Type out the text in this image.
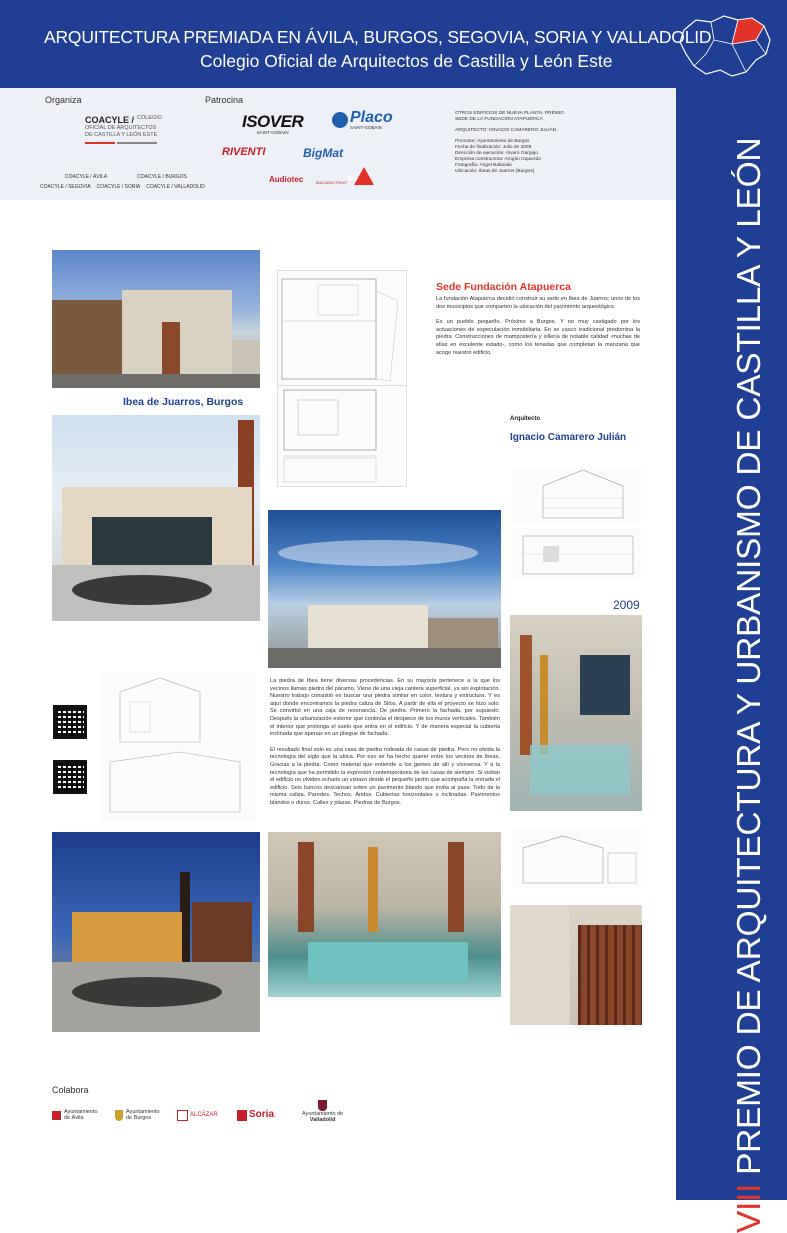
ARQUITECTURA PREMIADA EN ÁVILA, BURGOS, SEGOVIA, SORIA Y VALLADOLID
Colegio Oficial de Arquitectos de Castilla y León Este
VIII PREMIO DE ARQUITECTURA Y URBANISMO DE CASTILLA Y LEÓN
Organiza	Patrocina
COACYLE / COLEGIO
OFICIAL DE ARQUITECTOS
DE CASTILLA Y LEÓN ESTE
COACYLE / ÁVILA	COACYLE / BURGOS
COACYLE / SEGOVIA COACYLE / SORIA COACYLE / VALLADOLID
ISOVER
SAINT-GOBAIN
Placo
SAINT-GOBAIN
RIVENTI	BigMat
Audiotec	BUILDING TRUST
Sika
OTROS EDIFICIOS DE NUEVA PLANTA. PREMIO
SEDE DE LA FUNDACIÓN ATAPUERCA
ARQUITECTO: IGNACIO CAMARERO JULIÁN
Promotor: Ayuntamiento de Burgos
Fecha de finalización: Julio de 2009
Dirección de ejecución: Álvaro Gargajo
Empresa constructora: Arogán Izquierdo
Fotografía: Ángel Baltanás
Ubicación: Ibeas de Juarros (Burgos)
Ibea de Juarros, Burgos
Sede Fundación Atapuerca
La fundación Atapuerca decidió construir su sede en Ibea de Juarros; unos de los dos municipios que comparten la ubicación del yacimiento arqueológico.
Es un pueblo pequeño. Próximo a Burgos. Y no muy castigado por los actuaciones de especulación inmobiliaria. En se casco tradicional predomina la piedra. Construcciones de mampostería y sillería de notable calidad -muchas de ellas en excelente estado-, como los tenadas que completan la manzana que acoge nuestro edificio.
Arquitecto
Ignacio Camarero Julián
2009
La piedra de Ibea tiene diversas procedencias. En su mayoría pertenece a la que los vecinos llamas piedra del páramo. Viene de una vieja cantera superficial, ya sin explotación. Nuestro trabajo consistió en buscar una piedra similar en color, textura y estructura. Y es aquí donde encontramos la piedra caliza de Silos. A partir de ella el proyecto se hizo solo. Se convirtió en una caja de resonancia. De piedra. Primero la fachada, por supuesto. Después la urbanización exterior que continúa el despiece de los muros verticales. También el interior que prolonga el suelo que entra en el edificio. Y de manera especial la cubierta inclinada que apenas en un pliegue de fachada.
El resultado final solo es una casa de piedra rodeada de casas de piedra. Pero no olvida la tecnología del siglo que la ubica. Por eso se ha hecho querer entre los vecinos de Ibeas. Gracias a la piedra. Como material que entiende a los gentes de allí y viceversa. Y a la tecnología que ha permitido la expresión contemporánea de las casas de siempre. Si visitan el edificio no olviden echarle un vistazo desde el pequeño jardín que acompaña la entrada el edificio. Seis bancos descansan sobre un pavimento blando que invita al pase. Todo de la misma caliza. Paredes. Techos. Áridos. Cubiertas horizontales o inclinadas. Pavimentos blandos o duros. Calles y plazas. Piedras de Burgos.
Colabora
Ayuntamiento
de Ávila
Ayuntamiento
de Burgos	ALCÁZAR	Soria	Ayuntamiento de
Valladolid
